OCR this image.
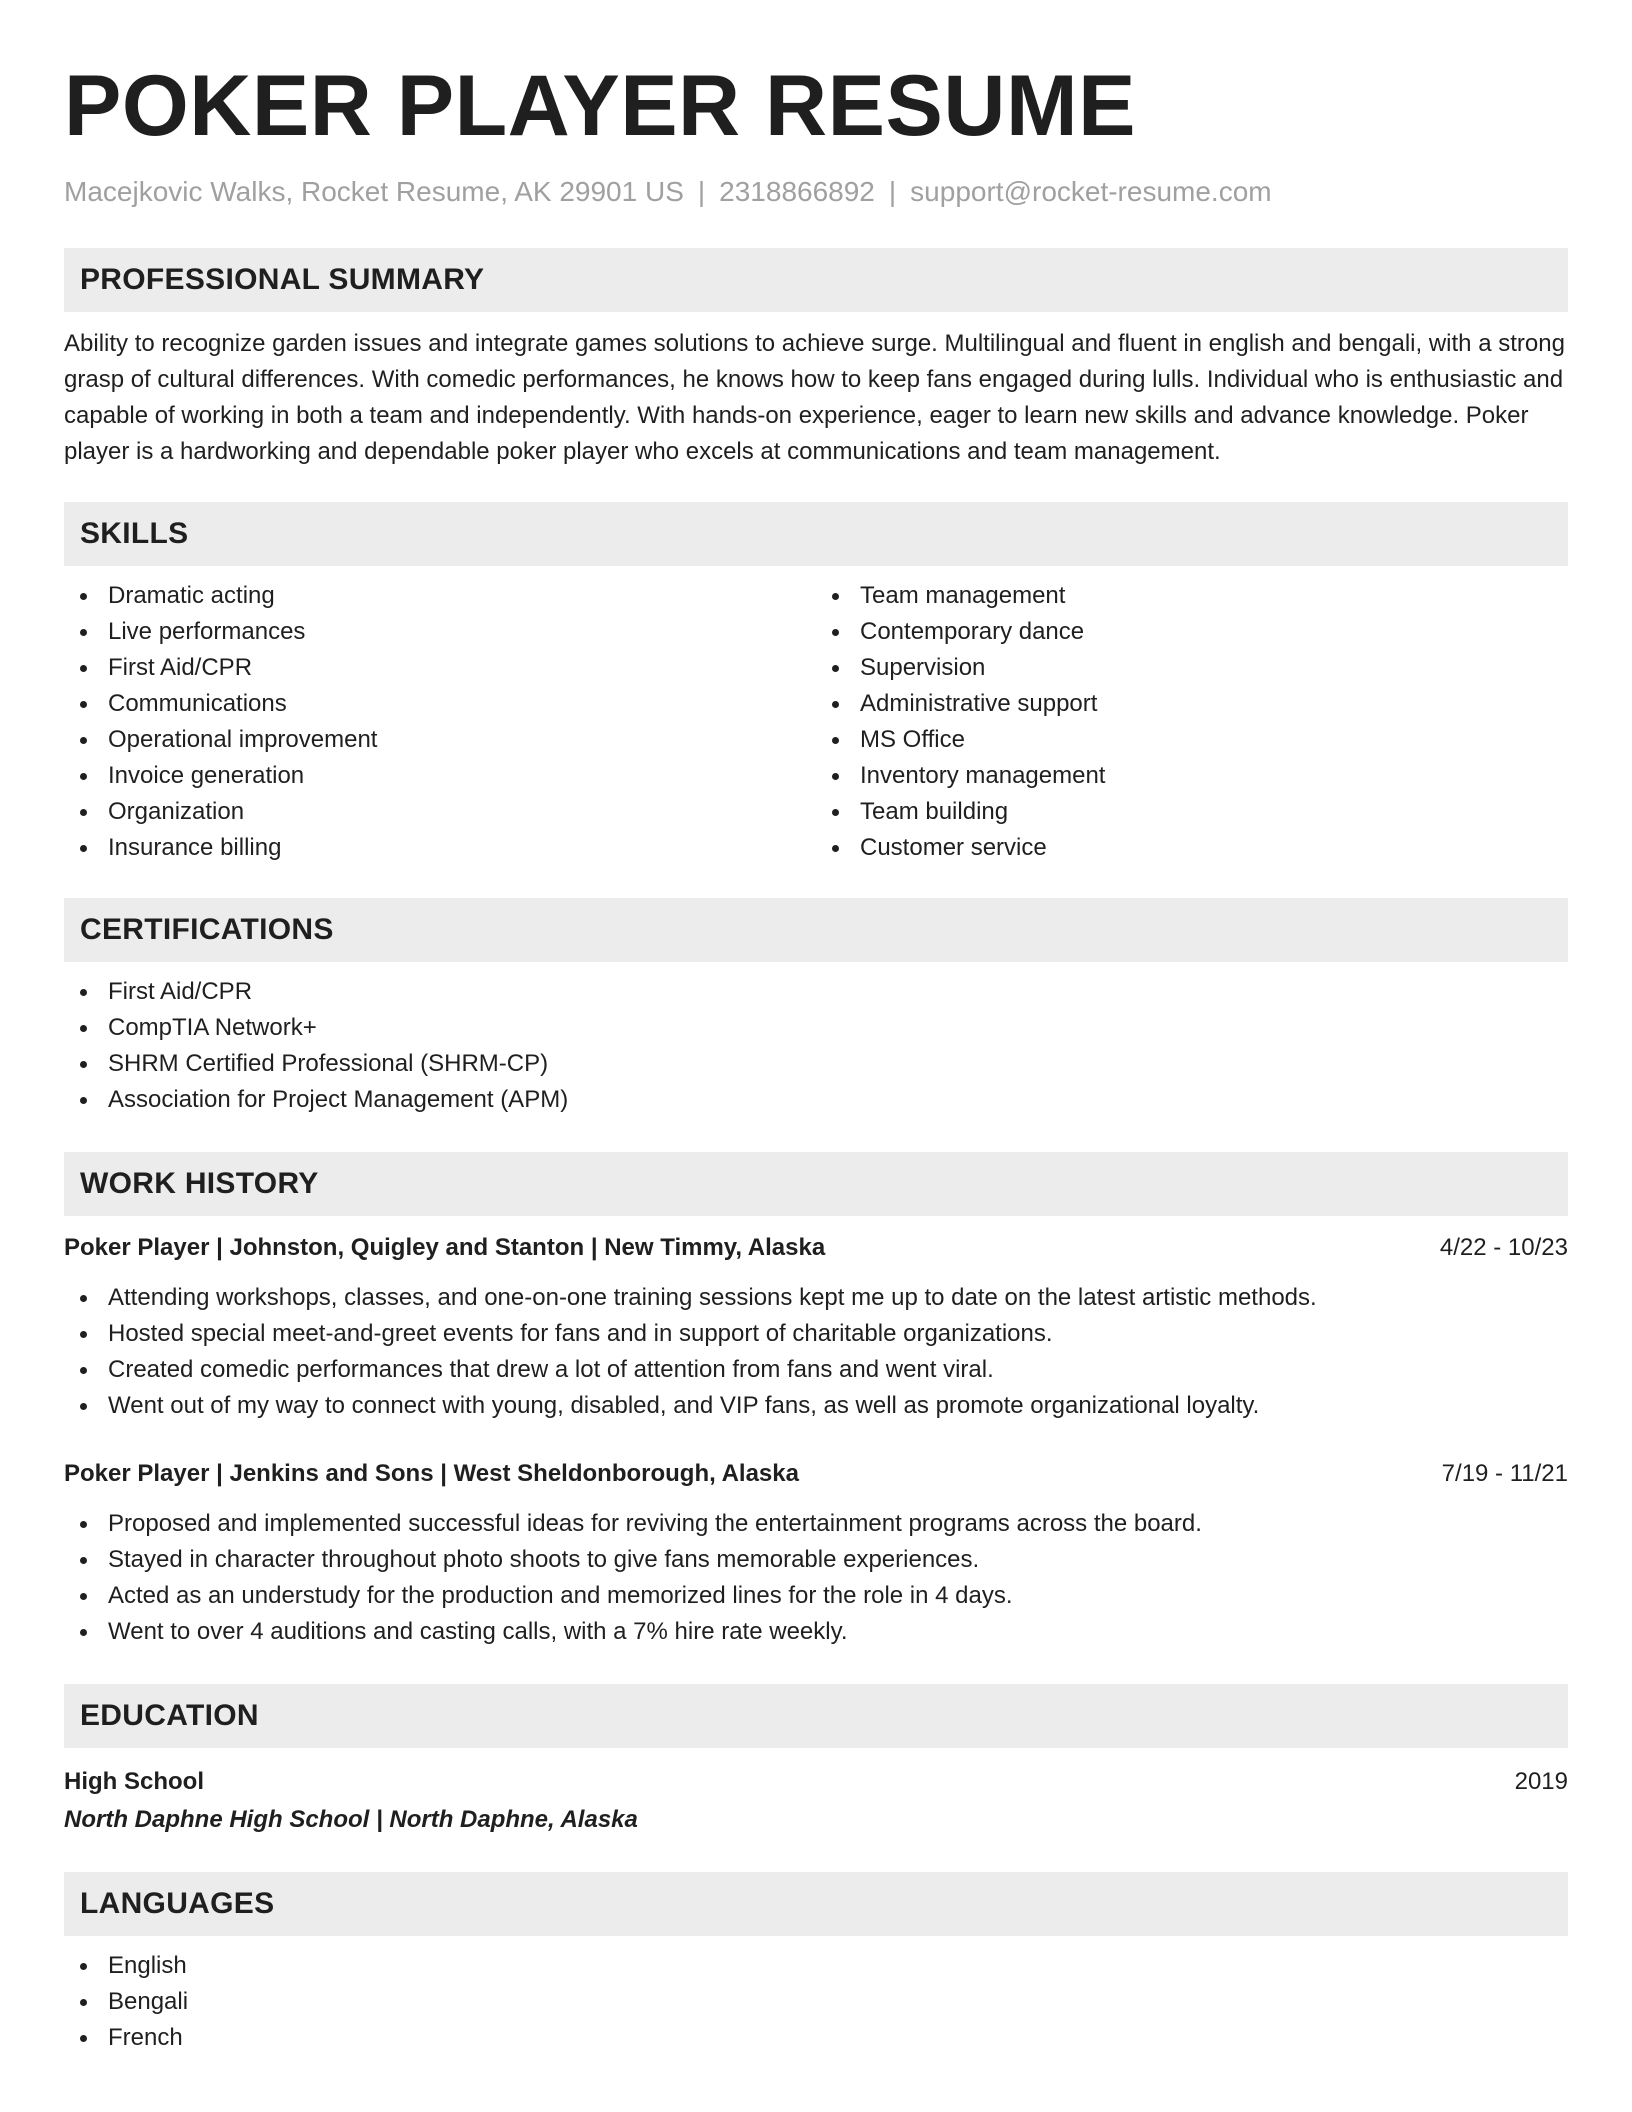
POKER PLAYER RESUME
Macejkovic Walks, Rocket Resume, AK 29901 US | 2318866892 | support@rocket-resume.com
PROFESSIONAL SUMMARY
Ability to recognize garden issues and integrate games solutions to achieve surge. Multilingual and fluent in english and bengali, with a strong grasp of cultural differences. With comedic performances, he knows how to keep fans engaged during lulls. Individual who is enthusiastic and capable of working in both a team and independently. With hands-on experience, eager to learn new skills and advance knowledge. Poker player is a hardworking and dependable poker player who excels at communications and team management.
SKILLS
Dramatic acting
Live performances
First Aid/CPR
Communications
Operational improvement
Invoice generation
Organization
Insurance billing
Team management
Contemporary dance
Supervision
Administrative support
MS Office
Inventory management
Team building
Customer service
CERTIFICATIONS
First Aid/CPR
CompTIA Network+
SHRM Certified Professional (SHRM-CP)
Association for Project Management (APM)
WORK HISTORY
Poker Player | Johnston, Quigley and Stanton | New Timmy, Alaska	4/22 - 10/23
Attending workshops, classes, and one-on-one training sessions kept me up to date on the latest artistic methods.
Hosted special meet-and-greet events for fans and in support of charitable organizations.
Created comedic performances that drew a lot of attention from fans and went viral.
Went out of my way to connect with young, disabled, and VIP fans, as well as promote organizational loyalty.
Poker Player | Jenkins and Sons | West Sheldonborough, Alaska	7/19 - 11/21
Proposed and implemented successful ideas for reviving the entertainment programs across the board.
Stayed in character throughout photo shoots to give fans memorable experiences.
Acted as an understudy for the production and memorized lines for the role in 4 days.
Went to over 4 auditions and casting calls, with a 7% hire rate weekly.
EDUCATION
High School	2019
North Daphne High School | North Daphne, Alaska
LANGUAGES
English
Bengali
French
